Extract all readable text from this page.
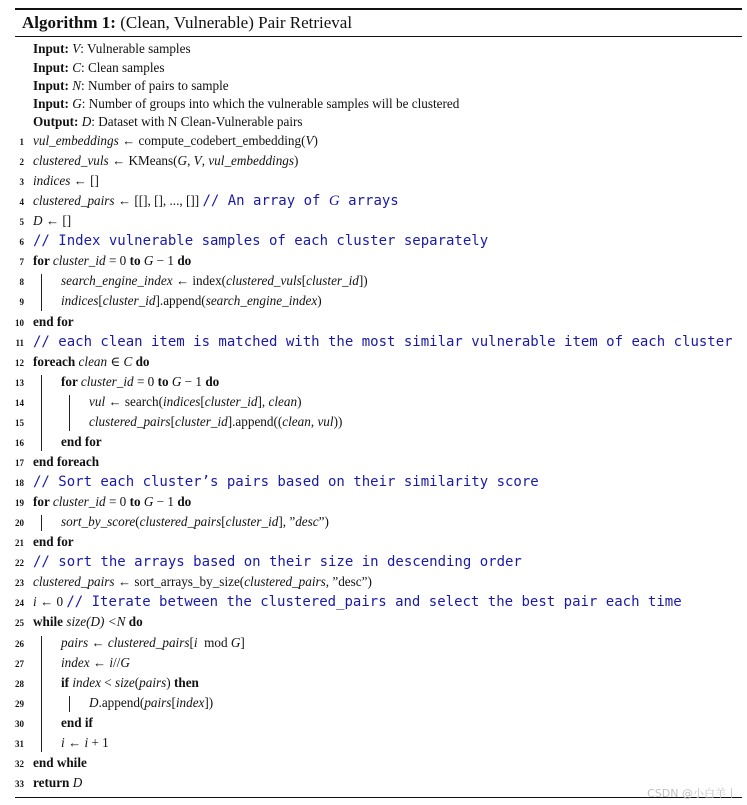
Algorithm 1: (Clean, Vulnerable) Pair Retrieval
Input: V: Vulnerable samples
Input: C: Clean samples
Input: N: Number of pairs to sample
Input: G: Number of groups into which the vulnerable samples will be clustered
Output: D: Dataset with N Clean-Vulnerable pairs
1 vul_embeddings ← compute_codebert_embedding(V)
2 clustered_vuls ← KMeans(G, V, vul_embeddings)
3 indices ← []
4 clustered_pairs ← [[], [], ..., []] // An array of G arrays
5 D ← []
6 // Index vulnerable samples of each cluster separately
7 for cluster_id = 0 to G − 1 do
8	search_engine_index ← index(clustered_vuls[cluster_id])
9	indices[cluster_id].append(search_engine_index)
10 end for
11 // each clean item is matched with the most similar vulnerable item of each cluster
12 foreach clean ∈ C do
13	for cluster_id = 0 to G − 1 do
14	vul ← search(indices[cluster_id], clean)
15	clustered_pairs[cluster_id].append((clean, vul))
16	end for
17 end foreach
18 // Sort each cluster’s pairs based on their similarity score
19 for cluster_id = 0 to G − 1 do
20	sort_by_score(clustered_pairs[cluster_id], ”desc”)
21 end for
22 // sort the arrays based on their size in descending order
23 clustered_pairs ← sort_arrays_by_size(clustered_pairs, ”desc”)
24 i ← 0 // Iterate between the clustered_pairs and select the best pair each time
25 while size(D) <N do
26	pairs ← clustered_pairs[i  mod G]
27	index ← i//G
28	if index < size(pairs) then
29	D.append(pairs[index])
30	end if
31	i ← i + 1
32 end while
33 return D
CSDN @小白羊丨
